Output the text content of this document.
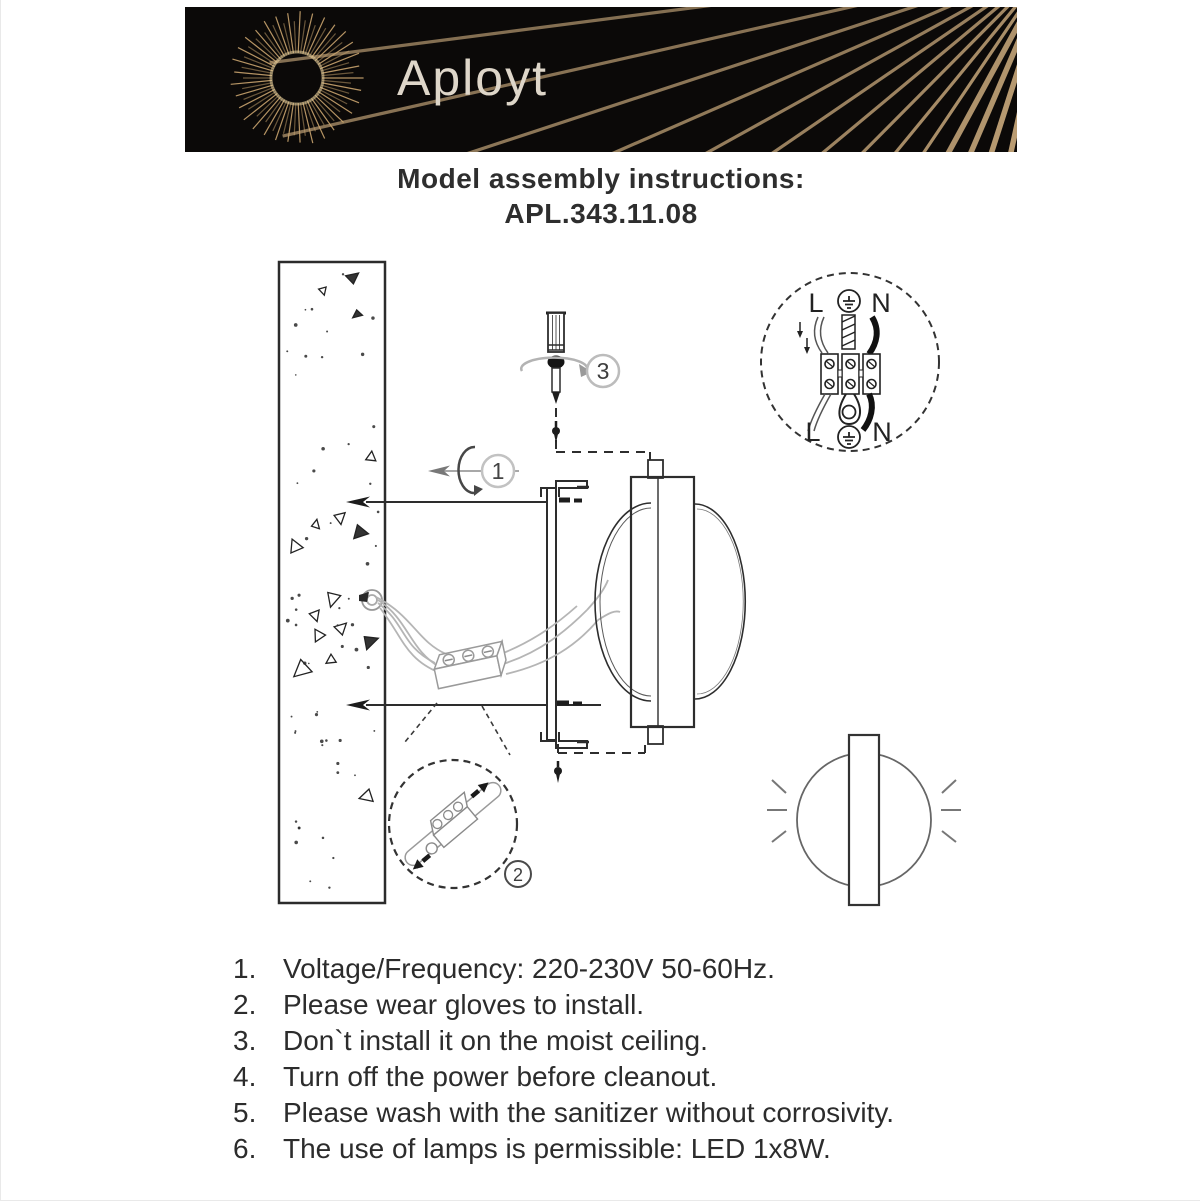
Aployt
Model assembly instructions:
APL.343.11.08
3
1
2
L N
L N
1. Voltage/Frequency: 220-230V 50-60Hz.
2. Please wear gloves to install.
3. Don`t install it on the moist ceiling.
4. Turn off the power before cleanout.
5. Please wash with the sanitizer without corrosivity.
6. The use of lamps is permissible: LED 1x8W.
